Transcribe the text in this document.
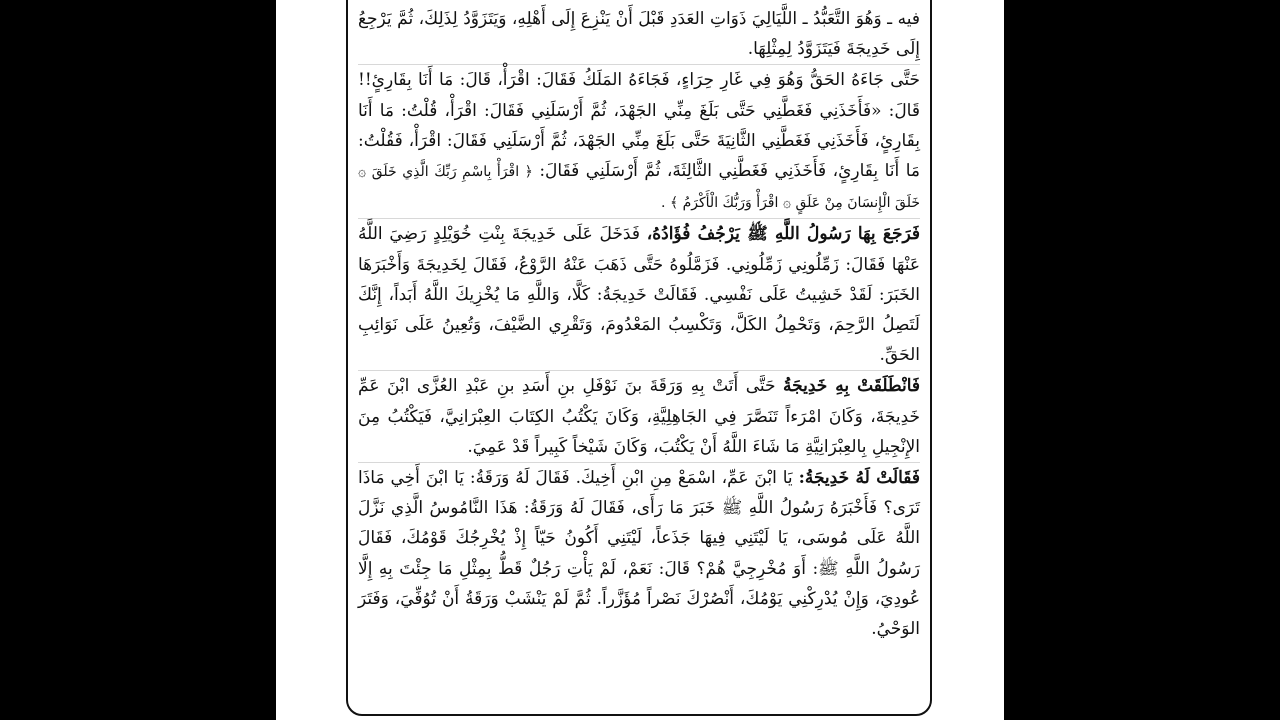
فيه ـ وَهُوَ التَّعَبُّدُ ـ اللَّيَالِيَ ذَوَاتِ العَدَدِ قَبْلَ أَنْ يَنْزِعَ إِلَى أَهْلِهِ، وَيَتَزَوَّدُ لِذَلِكَ، ثُمَّ يَرْجِعُ إِلَى خَدِيجَةَ فَيَتَزَوَّدُ لِمِثْلِهَا.

حَتَّى جَاءَهُ الحَقُّ وَهُوَ فِي غَارِ حِرَاءٍ، فَجَاءَهُ المَلَكُ فَقَالَ: اقْرَأْ، قَالَ: مَا أَنَا بِقَارِئٍ!! قَالَ: «فَأَخَذَنِي فَغَطَّنِي حَتَّى بَلَغَ مِنِّي الجَهْدَ، ثُمَّ أَرْسَلَنِي فَقَالَ: اقْرَأْ، قُلْتُ: مَا أَنَا بِقَارِئٍ، فَأَخَذَنِي فَغَطَّنِي الثَّانِيَةَ حَتَّى بَلَغَ مِنِّي الجَهْدَ، ثُمَّ أَرْسَلَنِي فَقَالَ: اقْرَأْ، فَقُلْتُ: مَا أَنَا بِقَارِئٍ، فَأَخَذَنِي فَغَطَّنِي الثَّالِثَةَ، ثُمَّ أَرْسَلَنِي فَقَالَ: ﴿ اقْرَأْ بِاسْمِ رَبِّكَ الَّذِي خَلَقَ ۞ خَلَقَ الْإِنسَانَ مِنْ عَلَقٍ ۞ اقْرَأْ وَرَبُّكَ الْأَكْرَمُ ﴾ .

فَرَجَعَ بِهَا رَسُولُ اللَّهِ ﷺ يَرْجُفُ فُؤَادُهُ، فَدَخَلَ عَلَى خَدِيجَةَ بِنْتِ خُوَيْلِدٍ رَضِيَ اللَّهُ عَنْهَا فَقَالَ: زَمِّلُونِي زَمِّلُونِي. فَزَمَّلُوهُ حَتَّى ذَهَبَ عَنْهُ الرَّوْعُ، فَقَالَ لِخَدِيجَةَ وَأَخْبَرَهَا الخَبَرَ: لَقَدْ خَشِيتُ عَلَى نَفْسِي. فَقَالَتْ خَدِيجَةُ: كَلَّا، وَاللَّهِ مَا يُخْزِيكَ اللَّهُ أَبَداً، إِنَّكَ لَتَصِلُ الرَّحِمَ، وَتَحْمِلُ الكَلَّ، وَتَكْسِبُ المَعْدُومَ، وَتَقْرِي الضَّيْفَ، وَتُعِينُ عَلَى نَوَائِبِ الحَقِّ.

فَانْطَلَقَتْ بِهِ خَدِيجَةُ حَتَّى أَتَتْ بِهِ وَرَقَةَ بنَ نَوْفَلِ بنِ أَسَدِ بنِ عَبْدِ العُزَّى ابْنَ عَمِّ خَدِيجَةَ، وَكَانَ امْرَءاً تَنَصَّرَ فِي الجَاهِلِيَّةِ، وَكَانَ يَكْتُبُ الكِتَابَ العِبْرَانِيَّ، فَيَكْتُبُ مِنَ الإِنْجِيلِ بِالعِبْرَانِيَّةِ مَا شَاءَ اللَّهُ أَنْ يَكْتُبَ، وَكَانَ شَيْخاً كَبِيراً قَدْ عَمِيَ.

فَقَالَتْ لَهُ خَدِيجَةُ: يَا ابْنَ عَمِّ، اسْمَعْ مِنِ ابْنِ أَخِيكَ. فَقَالَ لَهُ وَرَقَةُ: يَا ابْنَ أَخِي مَاذَا تَرَى؟ فَأَخْبَرَهُ رَسُولُ اللَّهِ ﷺ خَبَرَ مَا رَأَى، فَقَالَ لَهُ وَرَقَةُ: هَذَا النَّامُوسُ الَّذِي نَزَّلَ اللَّهُ عَلَى مُوسَى، يَا لَيْتَنِي فِيهَا جَذَعاً، لَيْتَنِي أَكُونُ حَيّاً إِذْ يُخْرِجُكَ قَوْمُكَ، فَقَالَ رَسُولُ اللَّهِ ﷺ: أَوَ مُخْرِجِيَّ هُمْ؟ قَالَ: نَعَمْ، لَمْ يَأْتِ رَجُلٌ قَطُّ بِمِثْلِ مَا جِئْتَ بِهِ إِلَّا عُودِيَ، وَإِنْ يُدْرِكْنِي يَوْمُكَ، أَنْصُرْكَ نَصْراً مُؤَزَّراً. ثُمَّ لَمْ يَنْشَبْ وَرَقَةُ أَنْ تُوُفِّيَ، وَفَتَرَ الوَحْيُ.
